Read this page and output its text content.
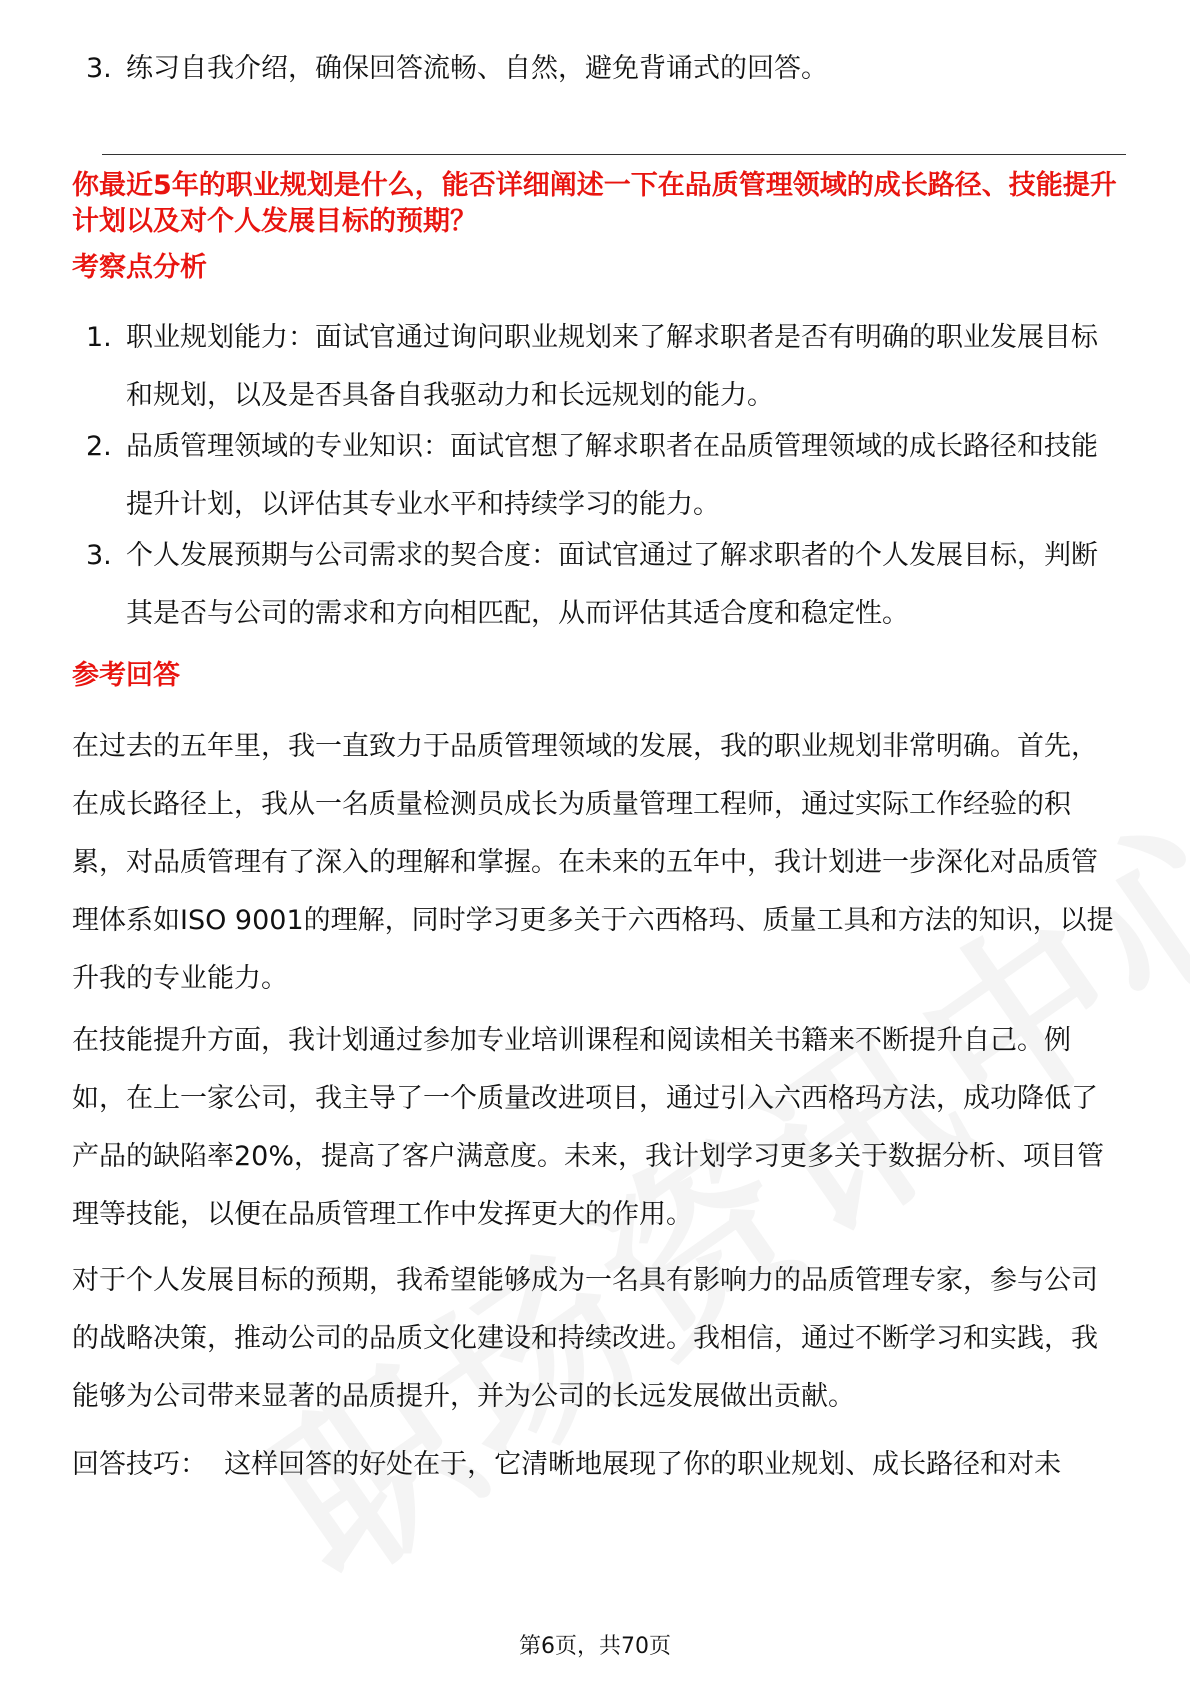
3. 练习自我介绍，确保回答流畅、自然，避免背诵式的回答。
你最近5年的职业规划是什么，能否详细阐述一下在品质管理领域的成长路径、技能提升计划以及对个人发展目标的预期？
考察点分析
1. 职业规划能力：面试官通过询问职业规划来了解求职者是否有明确的职业发展目标和规划，以及是否具备自我驱动力和长远规划的能力。
2. 品质管理领域的专业知识：面试官想了解求职者在品质管理领域的成长路径和技能提升计划，以评估其专业水平和持续学习的能力。
3. 个人发展预期与公司需求的契合度：面试官通过了解求职者的个人发展目标，判断其是否与公司的需求和方向相匹配，从而评估其适合度和稳定性。
参考回答
在过去的五年里，我一直致力于品质管理领域的发展，我的职业规划非常明确。首先，在成长路径上，我从一名质量检测员成长为质量管理工程师，通过实际工作经验的积累，对品质管理有了深入的理解和掌握。在未来的五年中，我计划进一步深化对品质管理体系如ISO 9001的理解，同时学习更多关于六西格玛、质量工具和方法的知识，以提升我的专业能力。
在技能提升方面，我计划通过参加专业培训课程和阅读相关书籍来不断提升自己。例如，在上一家公司，我主导了一个质量改进项目，通过引入六西格玛方法，成功降低了产品的缺陷率20%，提高了客户满意度。未来，我计划学习更多关于数据分析、项目管理等技能，以便在品质管理工作中发挥更大的作用。
对于个人发展目标的预期，我希望能够成为一名具有影响力的品质管理专家，参与公司的战略决策，推动公司的品质文化建设和持续改进。我相信，通过不断学习和实践，我能够为公司带来显著的品质提升，并为公司的长远发展做出贡献。
回答技巧：  这样回答的好处在于，它清晰地展现了你的职业规划、成长路径和对未
第6页，共70页
